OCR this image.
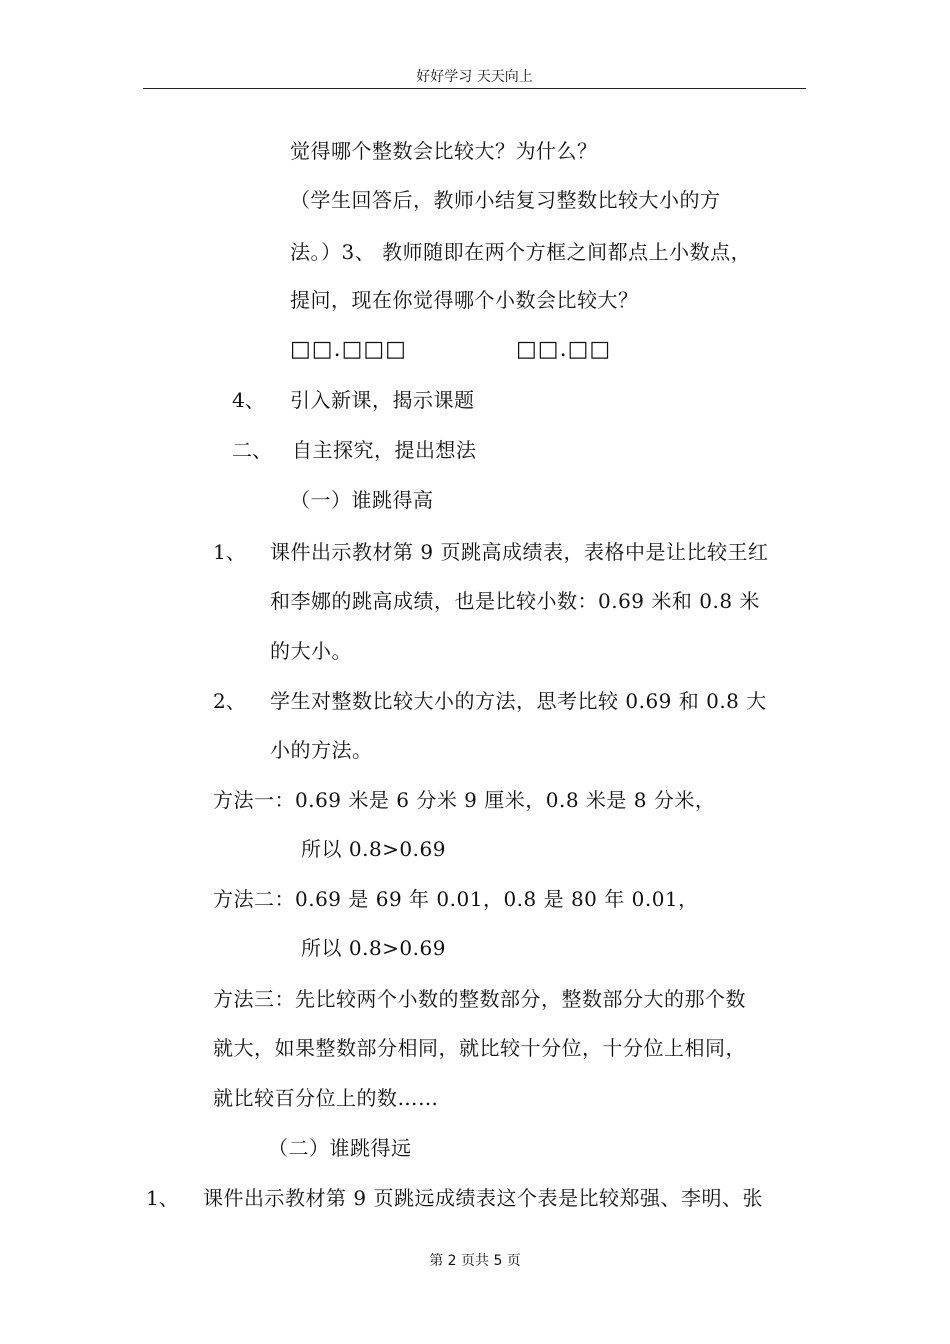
好好学习 天天向上
觉得哪个整数会比较大？为什么？
（学生回答后，教师小结复习整数比较大小的方
法。）3、 教师随即在两个方框之间都点上小数点，
提问，现在你觉得哪个小数会比较大？
□□.□□□	□□.□□
4、 引入新课，揭示课题
二、 自主探究，提出想法
（一）谁跳得高
1、 课件出示教材第 9 页跳高成绩表，表格中是让比较王红
和李娜的跳高成绩，也是比较小数：0.69 米和 0.8 米
的大小。
2、 学生对整数比较大小的方法，思考比较 0.69 和 0.8 大
小的方法。
方法一：0.69 米是 6 分米 9 厘米，0.8 米是 8 分米，
所以 0.8>0.69
方法二：0.69 是 69 年 0.01，0.8 是 80 年 0.01，
所以 0.8>0.69
方法三：先比较两个小数的整数部分，整数部分大的那个数
就大，如果整数部分相同，就比较十分位，十分位上相同，
就比较百分位上的数……
（二）谁跳得远
1、 课件出示教材第 9 页跳远成绩表这个表是比较郑强、李明、张
第 2 页共 5 页
